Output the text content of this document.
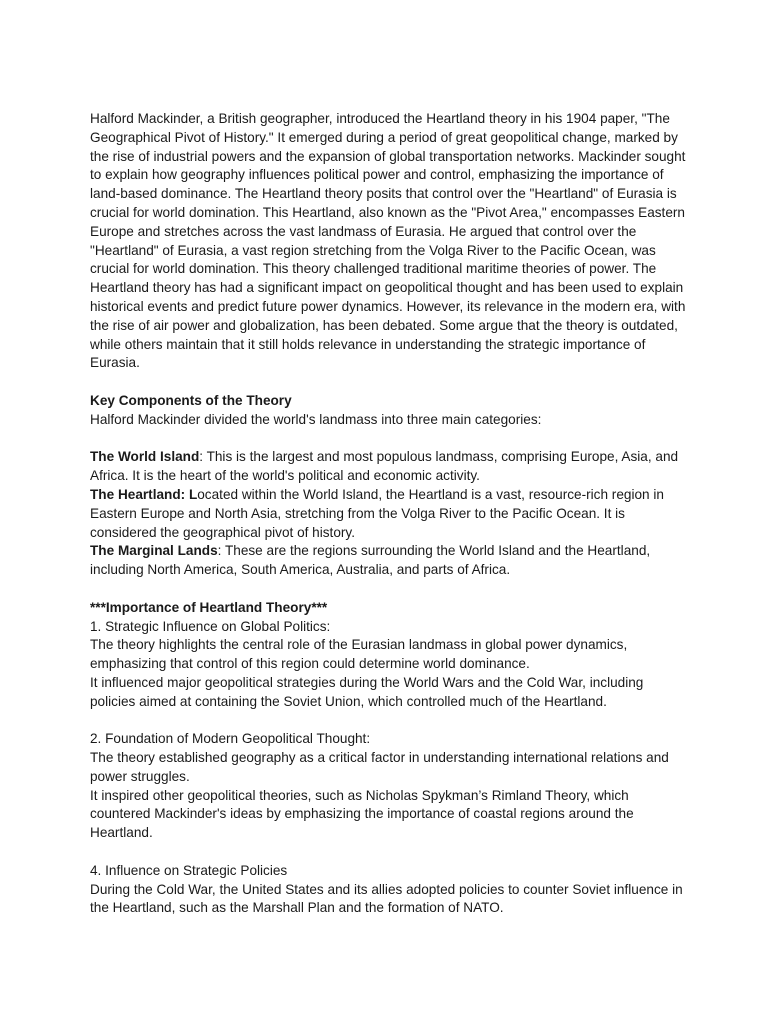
Halford Mackinder, a British geographer, introduced the Heartland theory in his 1904 paper, "The Geographical Pivot of History." It emerged during a period of great geopolitical change, marked by the rise of industrial powers and the expansion of global transportation networks. Mackinder sought to explain how geography influences political power and control, emphasizing the importance of land-based dominance. The Heartland theory posits that control over the "Heartland" of Eurasia is crucial for world domination. This Heartland, also known as the "Pivot Area," encompasses Eastern Europe and stretches across the vast landmass of Eurasia. He argued that control over the "Heartland" of Eurasia, a vast region stretching from the Volga River to the Pacific Ocean, was crucial for world domination. This theory challenged traditional maritime theories of power. The Heartland theory has had a significant impact on geopolitical thought and has been used to explain historical events and predict future power dynamics. However, its relevance in the modern era, with the rise of air power and globalization, has been debated. Some argue that the theory is outdated, while others maintain that it still holds relevance in understanding the strategic importance of Eurasia.

Key Components of the Theory

Halford Mackinder divided the world's landmass into three main categories:

The World Island: This is the largest and most populous landmass, comprising Europe, Asia, and Africa. It is the heart of the world's political and economic activity.

The Heartland: Located within the World Island, the Heartland is a vast, resource-rich region in Eastern Europe and North Asia, stretching from the Volga River to the Pacific Ocean. It is considered the geographical pivot of history.

The Marginal Lands: These are the regions surrounding the World Island and the Heartland, including North America, South America, Australia, and parts of Africa.

***Importance of Heartland Theory***

1. Strategic Influence on Global Politics:

The theory highlights the central role of the Eurasian landmass in global power dynamics, emphasizing that control of this region could determine world dominance.

It influenced major geopolitical strategies during the World Wars and the Cold War, including policies aimed at containing the Soviet Union, which controlled much of the Heartland.

2. Foundation of Modern Geopolitical Thought:

The theory established geography as a critical factor in understanding international relations and power struggles.

It inspired other geopolitical theories, such as Nicholas Spykman’s Rimland Theory, which countered Mackinder's ideas by emphasizing the importance of coastal regions around the Heartland.

4. Influence on Strategic Policies

During the Cold War, the United States and its allies adopted policies to counter Soviet influence in the Heartland, such as the Marshall Plan and the formation of NATO.
